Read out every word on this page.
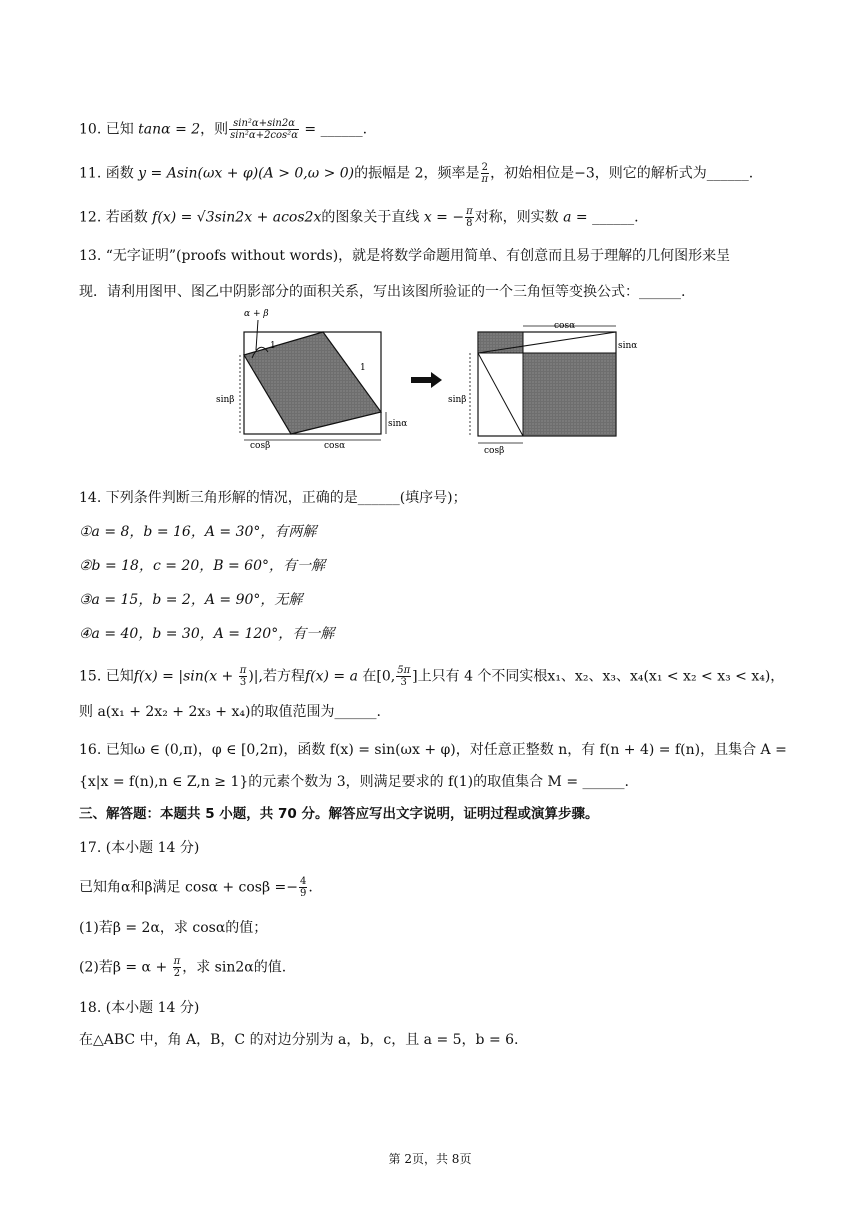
10. 已知 tanα = 2，则 $\frac{\text{sin²α+sin2α}}{\text{sin²α+2cos²α}}$ = ______.
11. 函数 y = Asin(ωx + φ)(A > 0,ω > 0)的振幅是 2，频率是 $\frac{2}{\pi}$ ，初始相位是−3，则它的解析式为______.
12. 若函数 f(x) = √3sin2x + acos2x的图象关于直线 x = − $\frac{\pi}{8}$ 对称，则实数 a = ______.
13. “无字证明”(proofs without words)，就是将数学命题用简单、有创意而且易于理解的几何图形来呈
现．请利用图甲、图乙中阴影部分的面积关系，写出该图所验证的一个三角恒等变换公式：______.
α + β
1
1
sinβ
cosβ	cosα
sinα
cosα
sinα
sinβ
cosβ
14. 下列条件判断三角形解的情况，正确的是______(填序号)；
①a = 8，b = 16，A = 30°，有两解
②b = 18，c = 20，B = 60°，有一解
③a = 15，b = 2，A = 90°，无解
④a = 40，b = 30，A = 120°，有一解
15. 已知$f(x) = |\sin(x + \frac{\pi}{3}$ )|,若方程f(x) = a 在[0, $\frac{5\pi}{3}$ ]上只有 4 个不同实根x₁、x₂、x₃、x₄(x₁ < x₂ < x₃ < x₄)，
则 a(x₁ + 2x₂ + 2x₃ + x₄)的取值范围为______.
16. 已知ω ∈ (0,π)，φ ∈ [0,2π)，函数 f(x) = sin(ωx + φ)，对任意正整数 n，有 f(n + 4) = f(n)，且集合 A =
{x|x = f(n),n ∈ Z,n ≥ 1}的元素个数为 3，则满足要求的 f(1)的取值集合 M = ______.
三、解答题：本题共 5 小题，共 70 分。解答应写出文字说明，证明过程或演算步骤。
17. (本小题 14 分)
已知角α和β满足 $\cos\alpha + \cos\beta =- \frac{4}{9}$ .
(1)若β = 2α，求 cosα的值；
(2)若$\beta = \alpha + \frac{\pi}{2}$ ，求 sin2α的值.
18. (本小题 14 分)
在△ABC 中，角 A，B，C 的对边分别为 a，b，c，且 a = 5，b = 6.
第 2页，共 8页
